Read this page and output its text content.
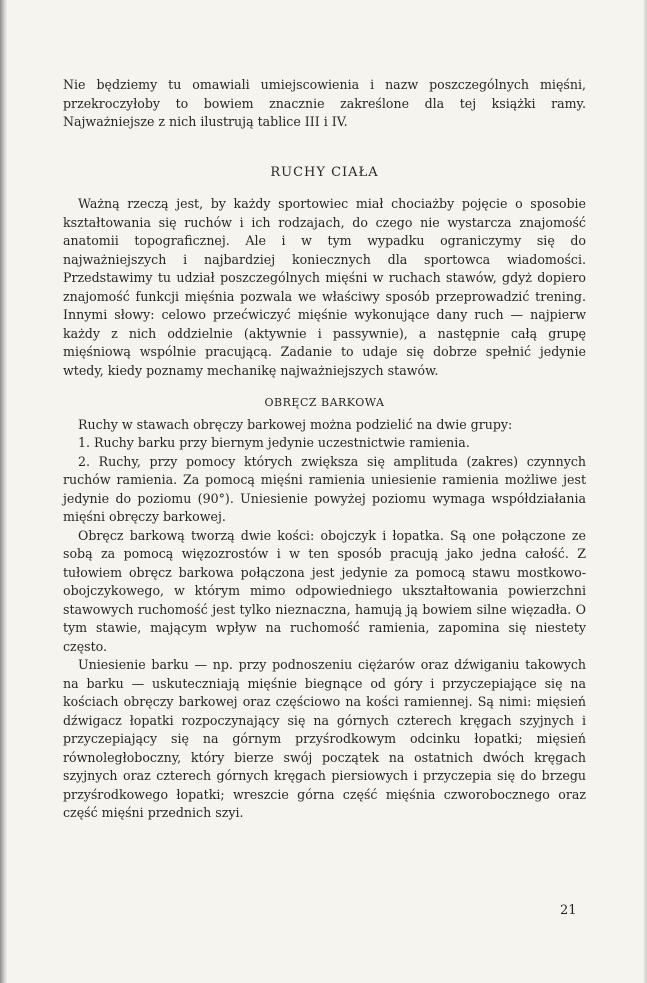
Nie będziemy tu omawiali umiejscowienia i nazw poszczególnych mięśni, przekroczyłoby to bowiem znacznie zakreślone dla tej książki ramy. Najważniejsze z nich ilustrują tablice III i IV.

RUCHY CIAŁA

Ważną rzeczą jest, by każdy sportowiec miał chociażby pojęcie o sposobie kształtowania się ruchów i ich rodzajach, do czego nie wystarcza znajomość anatomii topograficznej. Ale i w tym wypadku ograniczymy się do najważniejszych i najbardziej koniecznych dla sportowca wiadomości. Przedstawimy tu udział poszczególnych mięśni w ruchach stawów, gdyż dopiero znajomość funkcji mięśnia pozwala we właściwy sposób przeprowadzić trening. Innymi słowy: celowo przećwiczyć mięśnie wykonujące dany ruch — najpierw każdy z nich oddzielnie (aktywnie i passywnie), a następnie całą grupę mięśniową wspólnie pracującą. Zadanie to udaje się dobrze spełnić jedynie wtedy, kiedy poznamy mechanikę najważniejszych stawów.

OBRĘCZ BARKOWA

Ruchy w stawach obręczy barkowej można podzielić na dwie grupy:

1. Ruchy barku przy biernym jedynie uczestnictwie ramienia.

2. Ruchy, przy pomocy których zwiększa się amplituda (zakres) czynnych ruchów ramienia. Za pomocą mięśni ramienia uniesienie ramienia możliwe jest jedynie do poziomu (90°). Uniesienie powyżej poziomu wymaga współdziałania mięśni obręczy barkowej.

Obręcz barkową tworzą dwie kości: obojczyk i łopatka. Są one połączone ze sobą za pomocą więzozrostów i w ten sposób pracują jako jedna całość. Z tułowiem obręcz barkowa połączona jest jedynie za pomocą stawu mostkowo-obojczykowego, w którym mimo odpowiedniego ukształtowania powierzchni stawowych ruchomość jest tylko nieznaczna, hamują ją bowiem silne więzadła. O tym stawie, mającym wpływ na ruchomość ramienia, zapomina się niestety często.

Uniesienie barku — np. przy podnoszeniu ciężarów oraz dźwiganiu takowych na barku — uskuteczniają mięśnie biegnące od góry i przyczepiające się na kościach obręczy barkowej oraz częściowo na kości ramiennej. Są nimi: mięsień dźwigacz łopatki rozpoczynający się na górnych czterech kręgach szyjnych i przyczepiający się na górnym przyśrodkowym odcinku łopatki; mięsień równoległoboczny, który bierze swój początek na ostatnich dwóch kręgach szyjnych oraz czterech górnych kręgach piersiowych i przyczepia się do brzegu przyśrodkowego łopatki; wreszcie górna część mięśnia czworobocznego oraz część mięśni przednich szyi.

21
